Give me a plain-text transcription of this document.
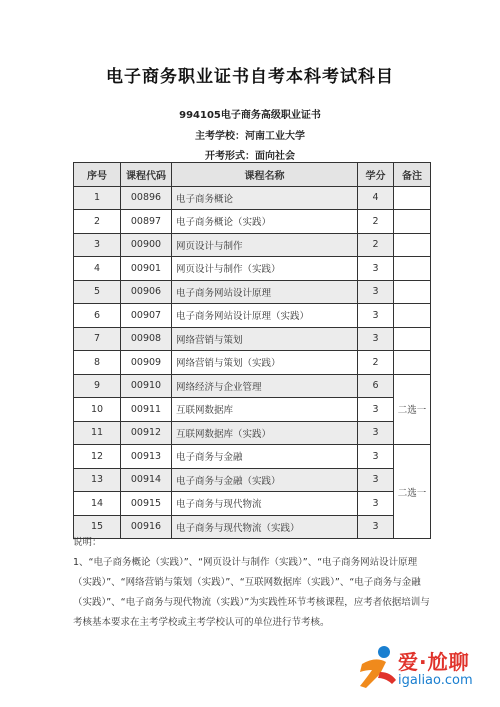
电子商务职业证书自考本科考试科目
994105电子商务高级职业证书
主考学校：河南工业大学
开考形式：面向社会
序号	课程代码	课程名称	学分	备注
1	00896	电子商务概论	4	
2	00897	电子商务概论（实践）	2	
3	00900	网页设计与制作	2	
4	00901	网页设计与制作（实践）	3	
5	00906	电子商务网站设计原理	3	
6	00907	电子商务网站设计原理（实践）	3	
7	00908	网络营销与策划	3	
8	00909	网络营销与策划（实践）	2	
9	00910	网络经济与企业管理	6	二选一
10	00911	互联网数据库	3	
11	00912	互联网数据库（实践）	3	
12	00913	电子商务与金融	3	二选一
13	00914	电子商务与金融（实践）	3	
14	00915	电子商务与现代物流	3	
15	00916	电子商务与现代物流（实践）	3	
说明：
1、“电子商务概论（实践）”、“网页设计与制作（实践）”、“电子商务网站设计原理（实践）”、“网络营销与策划（实践）”、“互联网数据库（实践）”、“电子商务与金融（实践）”、“电子商务与现代物流（实践）”为实践性环节考核课程，应考者依据培训与考核基本要求在主考学校或主考学校认可的单位进行节考核。
爱·尬聊
igaliao.com
